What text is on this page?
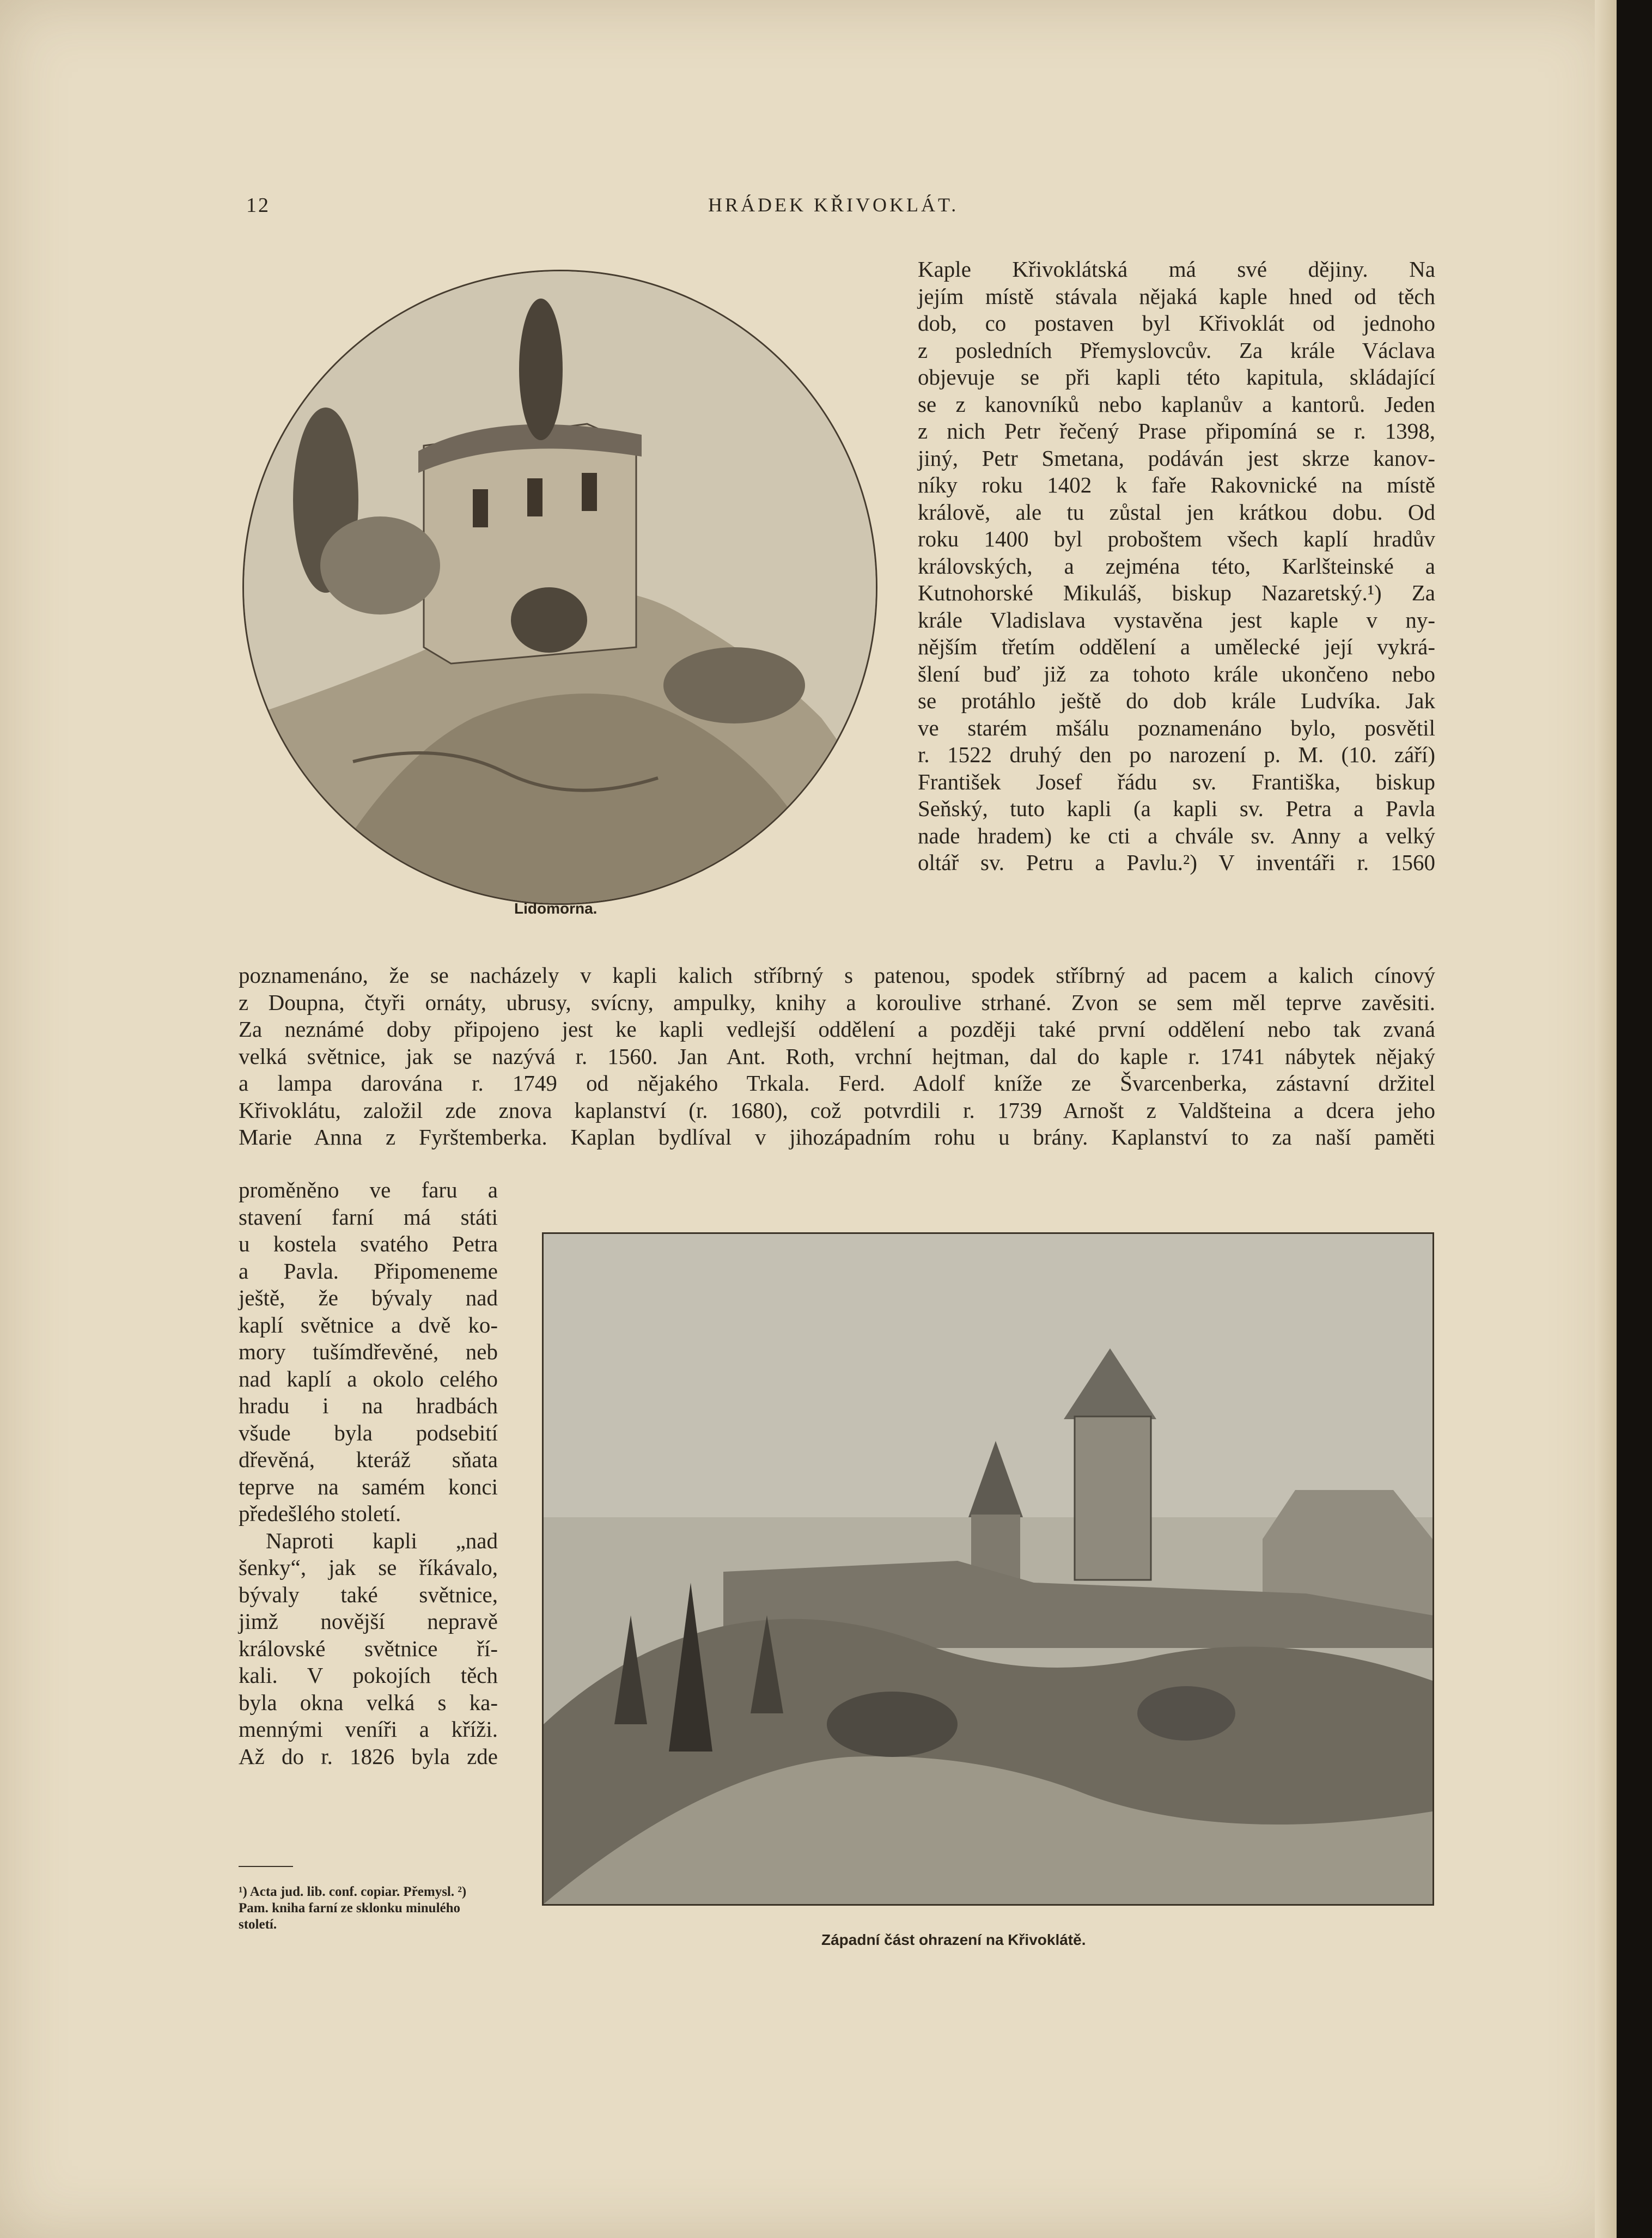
12	HRÁDEK KŘIVOKLÁT.
Lidomorna.
Kaple Křivoklátská má své dějiny. Na
jejím místě stávala nějaká kaple hned od těch
dob, co postaven byl Křivoklát od jednoho
z posledních Přemyslovcův. Za krále Václava
objevuje se při kapli této kapitula, skládající
se z kanovníků nebo kaplanův a kantorů. Jeden
z nich Petr řečený Prase připomíná se r. 1398,
jiný, Petr Smetana, podáván jest skrze kanov-
níky roku 1402 k faře Rakovnické na místě
královĕ, ale tu zůstal jen krátkou dobu. Od
roku 1400 byl proboštem všech kaplí hradův
královských, a zejména této, Karlšteinské a
Kutnohorské Mikuláš, biskup Nazaretský.¹) Za
krále Vladislava vystavěna jest kaple v ny-
nějším třetím oddělení a umělecké její vykrá-
šlení buď již za tohoto krále ukončeno nebo
se protáhlo ještě do dob krále Ludvíka. Jak
ve starém mšálu poznamenáno bylo, posvětil
r. 1522 druhý den po narození p. M. (10. září)
František Josef řádu sv. Františka, biskup
Seňský, tuto kapli (a kapli sv. Petra a Pavla
nade hradem) ke cti a chvále sv. Anny a velký
oltář sv. Petru a Pavlu.²) V inventáři r. 1560
poznamenáno, že se nacházely v kapli kalich stříbrný s patenou, spodek stříbrný ad pacem a kalich cínový
z Doupna, čtyři ornáty, ubrusy, svícny, ampulky, knihy a koroulive strhané. Zvon se sem měl teprve zavěsiti.
Za neznámé doby připojeno jest ke kapli vedlejší oddělení a později také první oddělení nebo tak zvaná
velká světnice, jak se nazývá r. 1560. Jan Ant. Roth, vrchní hejtman, dal do kaple r. 1741 nábytek nějaký
a lampa darována r. 1749 od nějakého Trkala. Ferd. Adolf kníže ze Švarcenberka, zástavní držitel
Křivoklátu, založil zde znova kaplanství (r. 1680), což potvrdili r. 1739 Arnošt z Valdšteina a dcera jeho
Marie Anna z Fyrštemberka. Kaplan bydlíval v jihozápadním rohu u brány. Kaplanství to za naší paměti
proměněno ve faru a
stavení farní má státi
u kostela svatého Petra
a Pavla. Připomeneme
ještě, že bývaly nad
kaplí světnice a dvě ko-
mory tušímdřevěné, neb
nad kaplí a okolo celého
hradu i na hradbách
všude byla podsebití
dřevěná, kteráž sňata
teprve na samém konci
předešlého století.
Naproti kapli „nad
šenky“, jak se říkávalo,
bývaly také světnice,
jimž novější nepravě
královské světnice ří-
kali. V pokojích těch
byla okna velká s ka-
mennými veníři a kříži.
Až do r. 1826 byla zde
¹) Acta jud. lib. conf. copiar. Přemysl. ²) Pam. kniha farní ze sklonku minulého století.
Západní část ohrazení na Křivoklátě.
